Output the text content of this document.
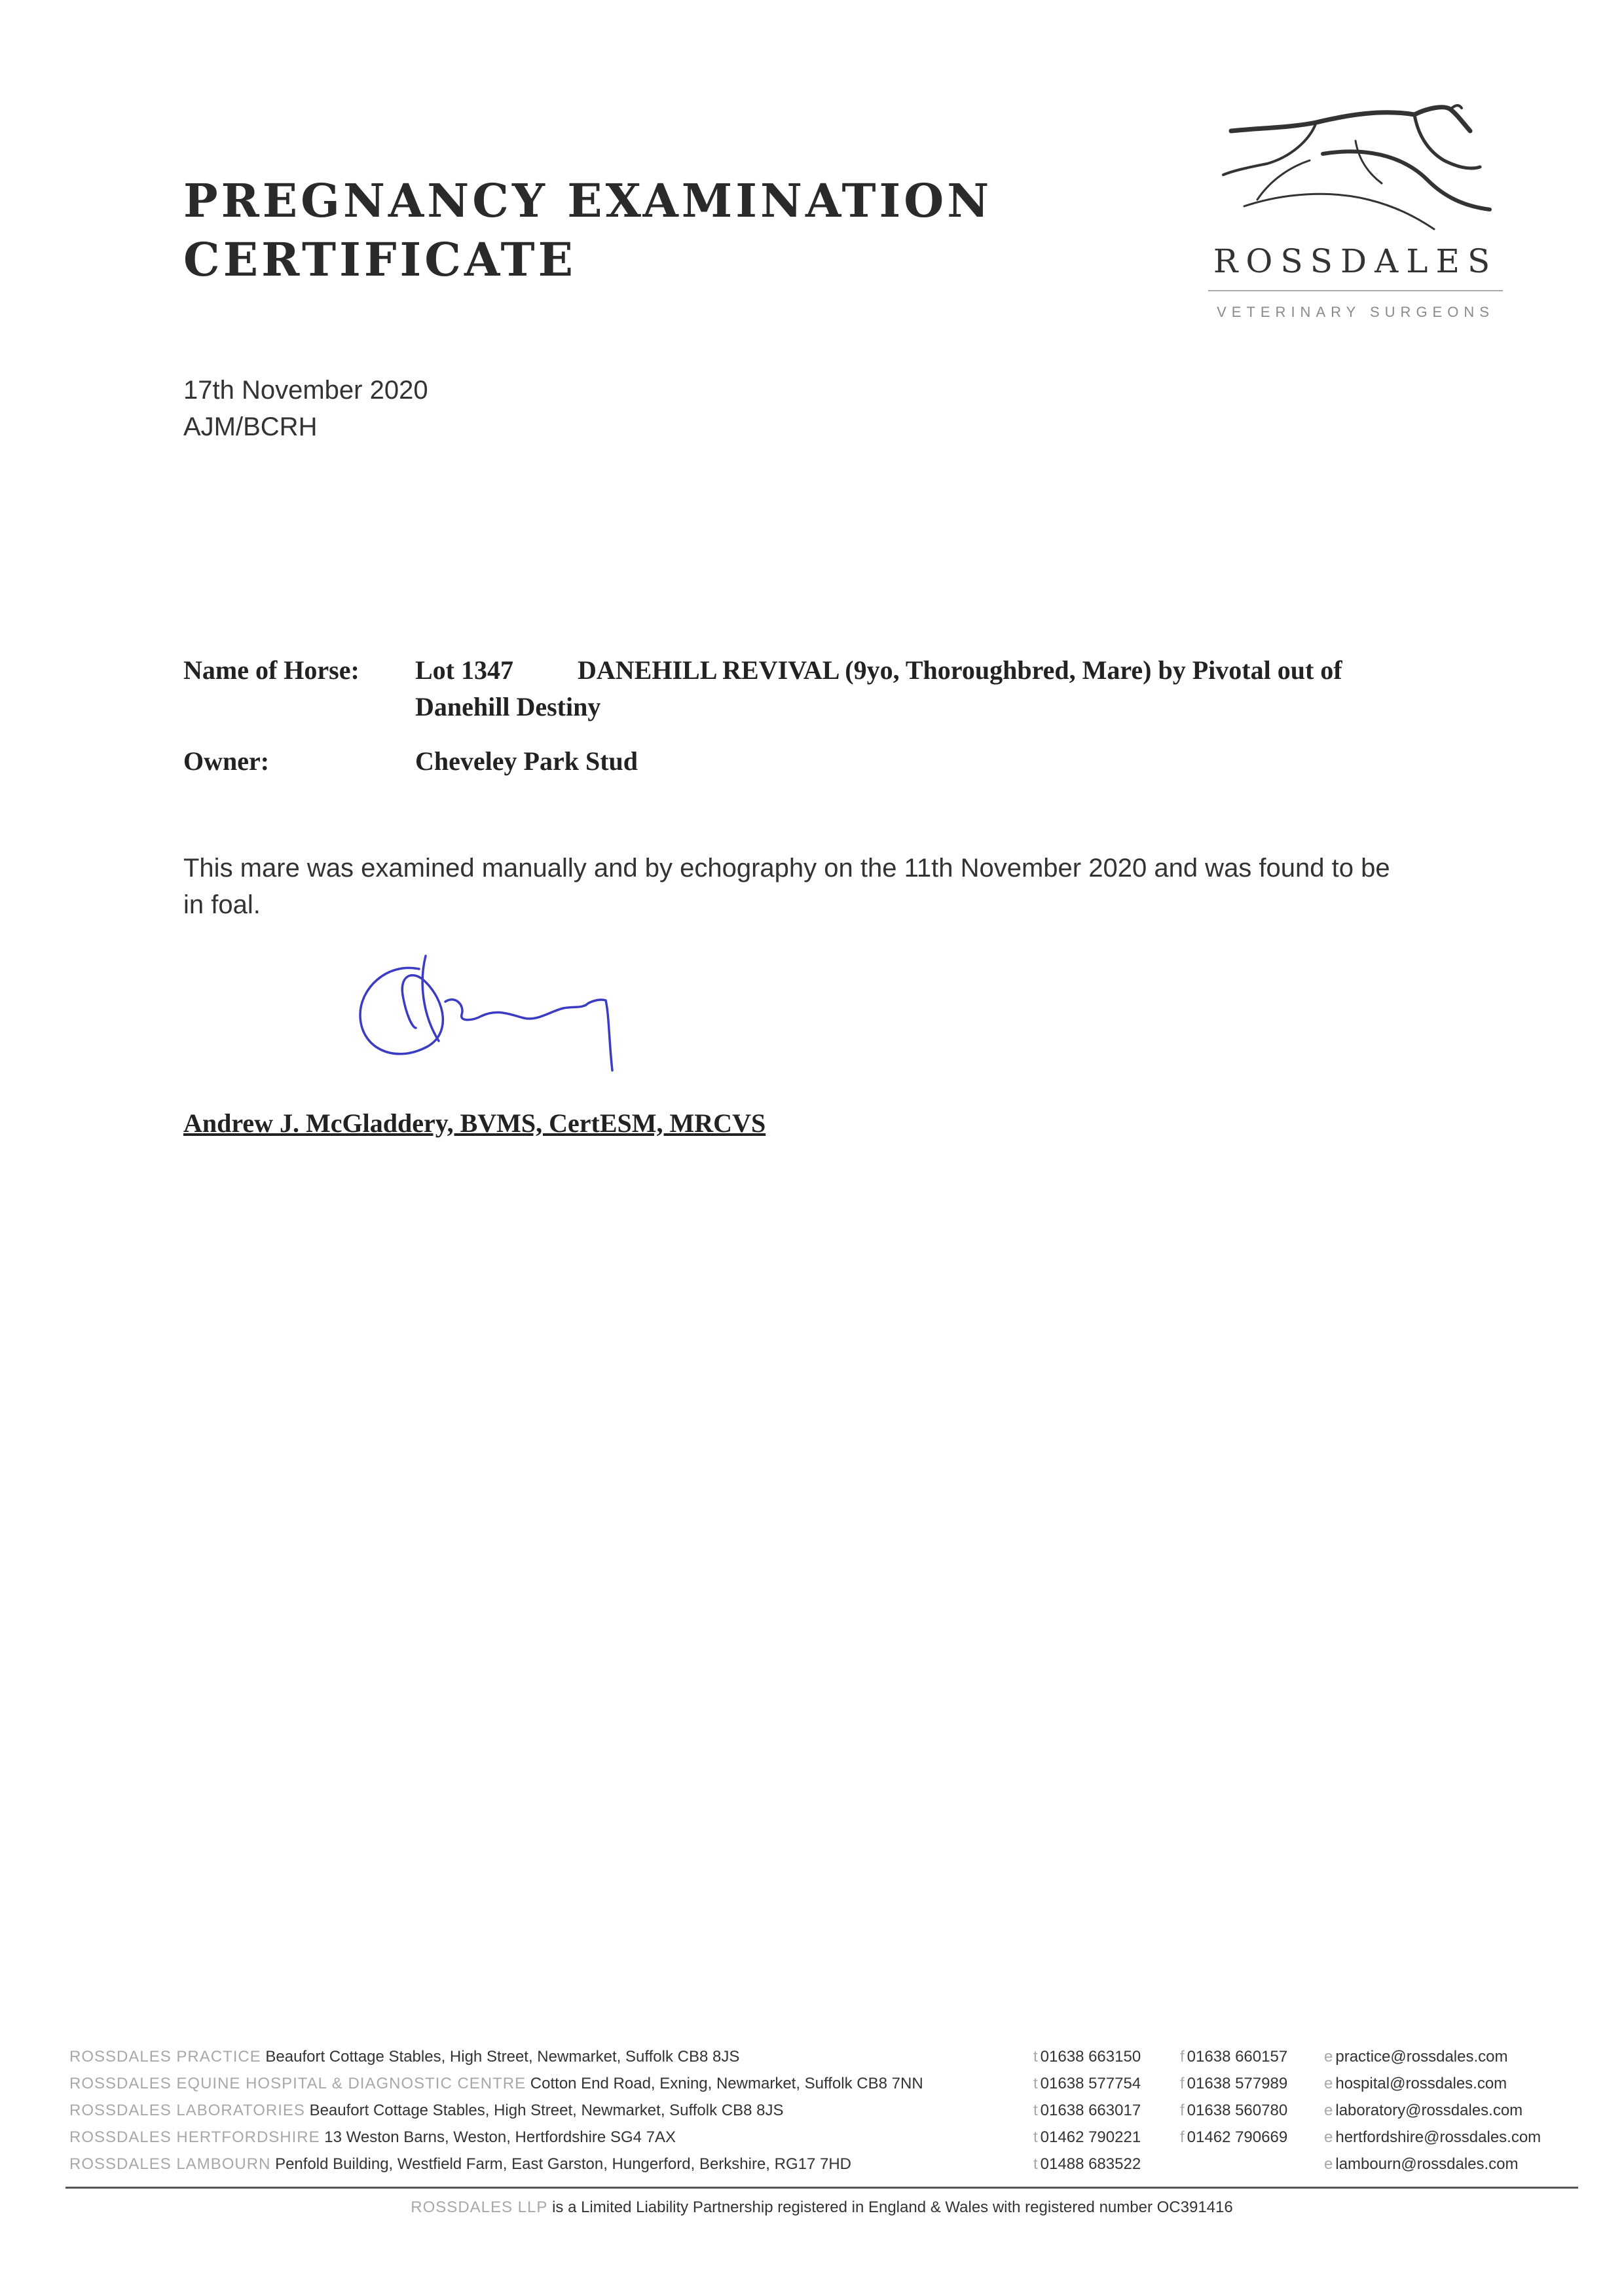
PREGNANCY EXAMINATION
CERTIFICATE	ROSSDALES
VETERINARY SURGEONS
17th November 2020
AJM/BCRH
Name of Horse: Lot 1347 DANEHILL REVIVAL (9yo, Thoroughbred, Mare) by Pivotal out of
Danehill Destiny
Owner:	Cheveley Park Stud
This mare was examined manually and by echography on the 11th November 2020 and was found to be
in foal.
Andrew J. McGladdery, BVMS, CertESM, MRCVS
ROSSDALES PRACTICE Beaufort Cottage Stables, High Street, Newmarket, Suffolk CB8 8JS	t 01638 663150 f 01638 660157 e practice@rossdales.com
ROSSDALES EQUINE HOSPITAL & DIAGNOSTIC CENTRE Cotton End Road, Exning, Newmarket, Suffolk CB8 7NN	t 01638 577754 f 01638 577989 e hospital@rossdales.com
ROSSDALES LABORATORIES Beaufort Cottage Stables, High Street, Newmarket, Suffolk CB8 8JS	t 01638 663017 f 01638 560780 e laboratory@rossdales.com
ROSSDALES HERTFORDSHIRE 13 Weston Barns, Weston, Hertfordshire SG4 7AX	t 01462 790221 f 01462 790669 e hertfordshire@rossdales.com
ROSSDALES LAMBOURN Penfold Building, Westfield Farm, East Garston, Hungerford, Berkshire, RG17 7HD	t 01488 683522	e lambourn@rossdales.com
ROSSDALES LLP is a Limited Liability Partnership registered in England & Wales with registered number OC391416
